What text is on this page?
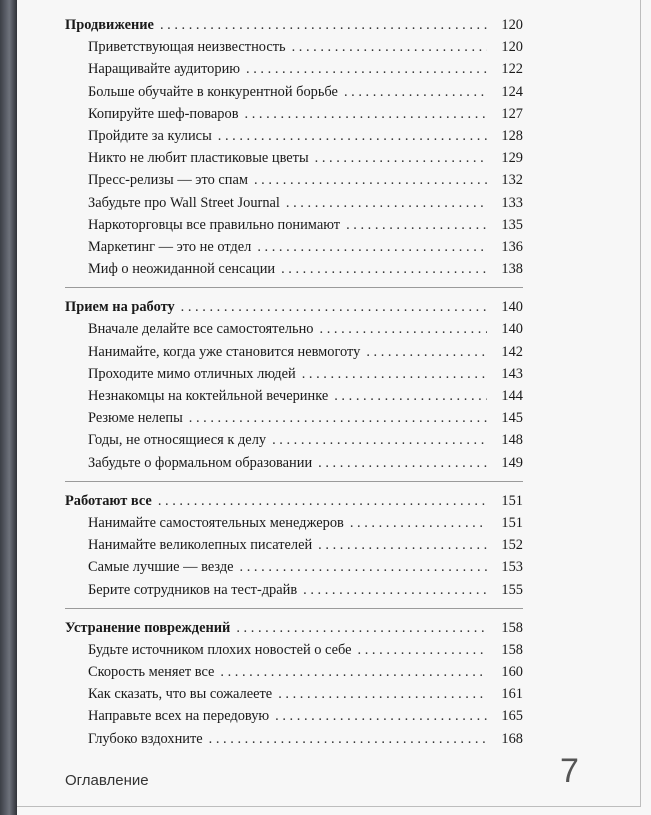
Продвижение . . .	120
Приветствующая неизвестность . . .	120
Наращивайте аудиторию . . .	122
Больше обучайте в конкурентной борьбе . . .	124
Копируйте шеф-поваров . . .	127
Пройдите за кулисы . . .	128
Никто не любит пластиковые цветы . . .	129
Пресс-релизы — это спам . . .	132
Забудьте про Wall Street Journal . . .	133
Наркоторговцы все правильно понимают . . .	135
Маркетинг — это не отдел . . .	136
Миф о неожиданной сенсации . . .	138
Прием на работу . . .	140
Вначале делайте все самостоятельно . . .	140
Нанимайте, когда уже становится невмоготу . . .	142
Проходите мимо отличных людей . . .	143
Незнакомцы на коктейльной вечеринке . . .	144
Резюме нелепы . . .	145
Годы, не относящиеся к делу . . .	148
Забудьте о формальном образовании . . .	149
Работают все . . .	151
Нанимайте самостоятельных менеджеров . . .	151
Нанимайте великолепных писателей . . .	152
Самые лучшие — везде . . .	153
Берите сотрудников на тест-драйв . . .	155
Устранение повреждений . . .	158
Будьте источником плохих новостей о себе . . .	158
Скорость меняет все . . .	160
Как сказать, что вы сожалеете . . .	161
Направьте всех на передовую . . .	165
Глубоко вздохните . . .	168
Оглавление	7
